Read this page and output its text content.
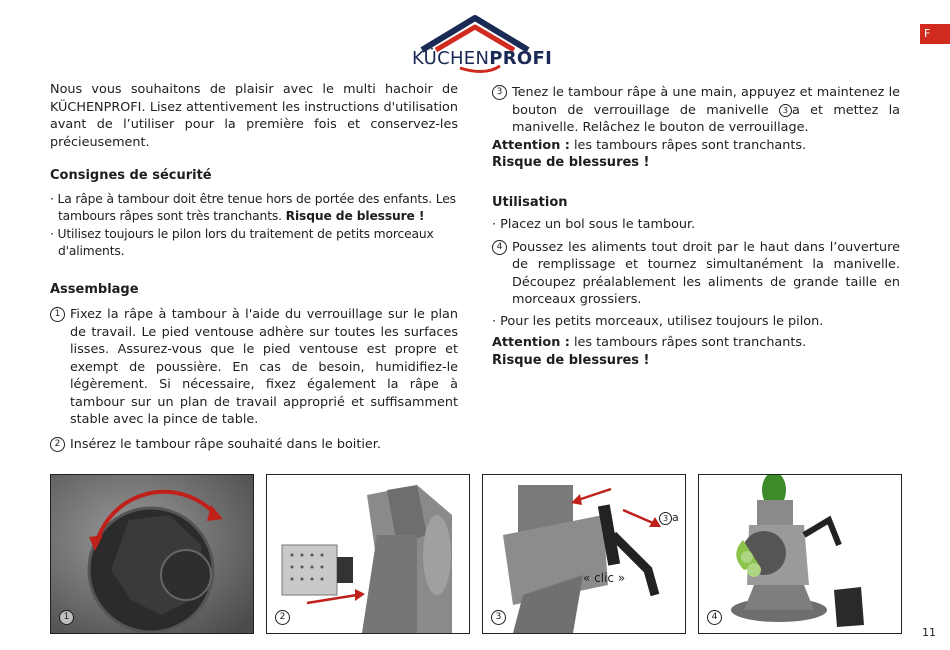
KÜCHENPROFI
F

Nous vous souhaitons de plaisir avec le multi hachoir de KÜCHENPROFI. Lisez attentivement les instructions d'utilisation avant de l’utiliser pour la première fois et conservez-les précieusement.

Consignes de sécurité

· La râpe à tambour doit être tenue hors de portée des enfants. Les tambours râpes sont très tranchants. Risque de blessure !

· Utilisez toujours le pilon lors du traitement de petits morceaux d'aliments.

Assemblage

1 Fixez la râpe à tambour à l'aide du verrouillage sur le plan de travail. Le pied ventouse adhère sur toutes les surfaces lisses. Assurez-vous que le pied ventouse est propre et exempt de poussière. En cas de besoin, humidifiez-le légèrement. Si nécessaire, fixez également la râpe à tambour sur un plan de travail approprié et suffisamment stable avec la pince de table.
2 Insérez le tambour râpe souhaité dans le boitier.
3 Tenez le tambour râpe à une main, appuyez et maintenez le bouton de verrouillage de manivelle 3 a et mettez la manivelle. Relâchez le bouton de verrouillage.

Attention : les tambours râpes sont tranchants.

Risque de blessures !

Utilisation

· Placez un bol sous le tambour.

4 Poussez les aliments tout droit par le haut dans l’ouverture de remplissage et tournez simultanément la manivelle. Découpez préalablement les aliments de grande taille en morceaux grossiers.

· Pour les petits morceaux, utilisez toujours le pilon.

Attention : les tambours râpes sont tranchants.

Risque de blessures !

1	2
« clic »
3 a
3	4
11
